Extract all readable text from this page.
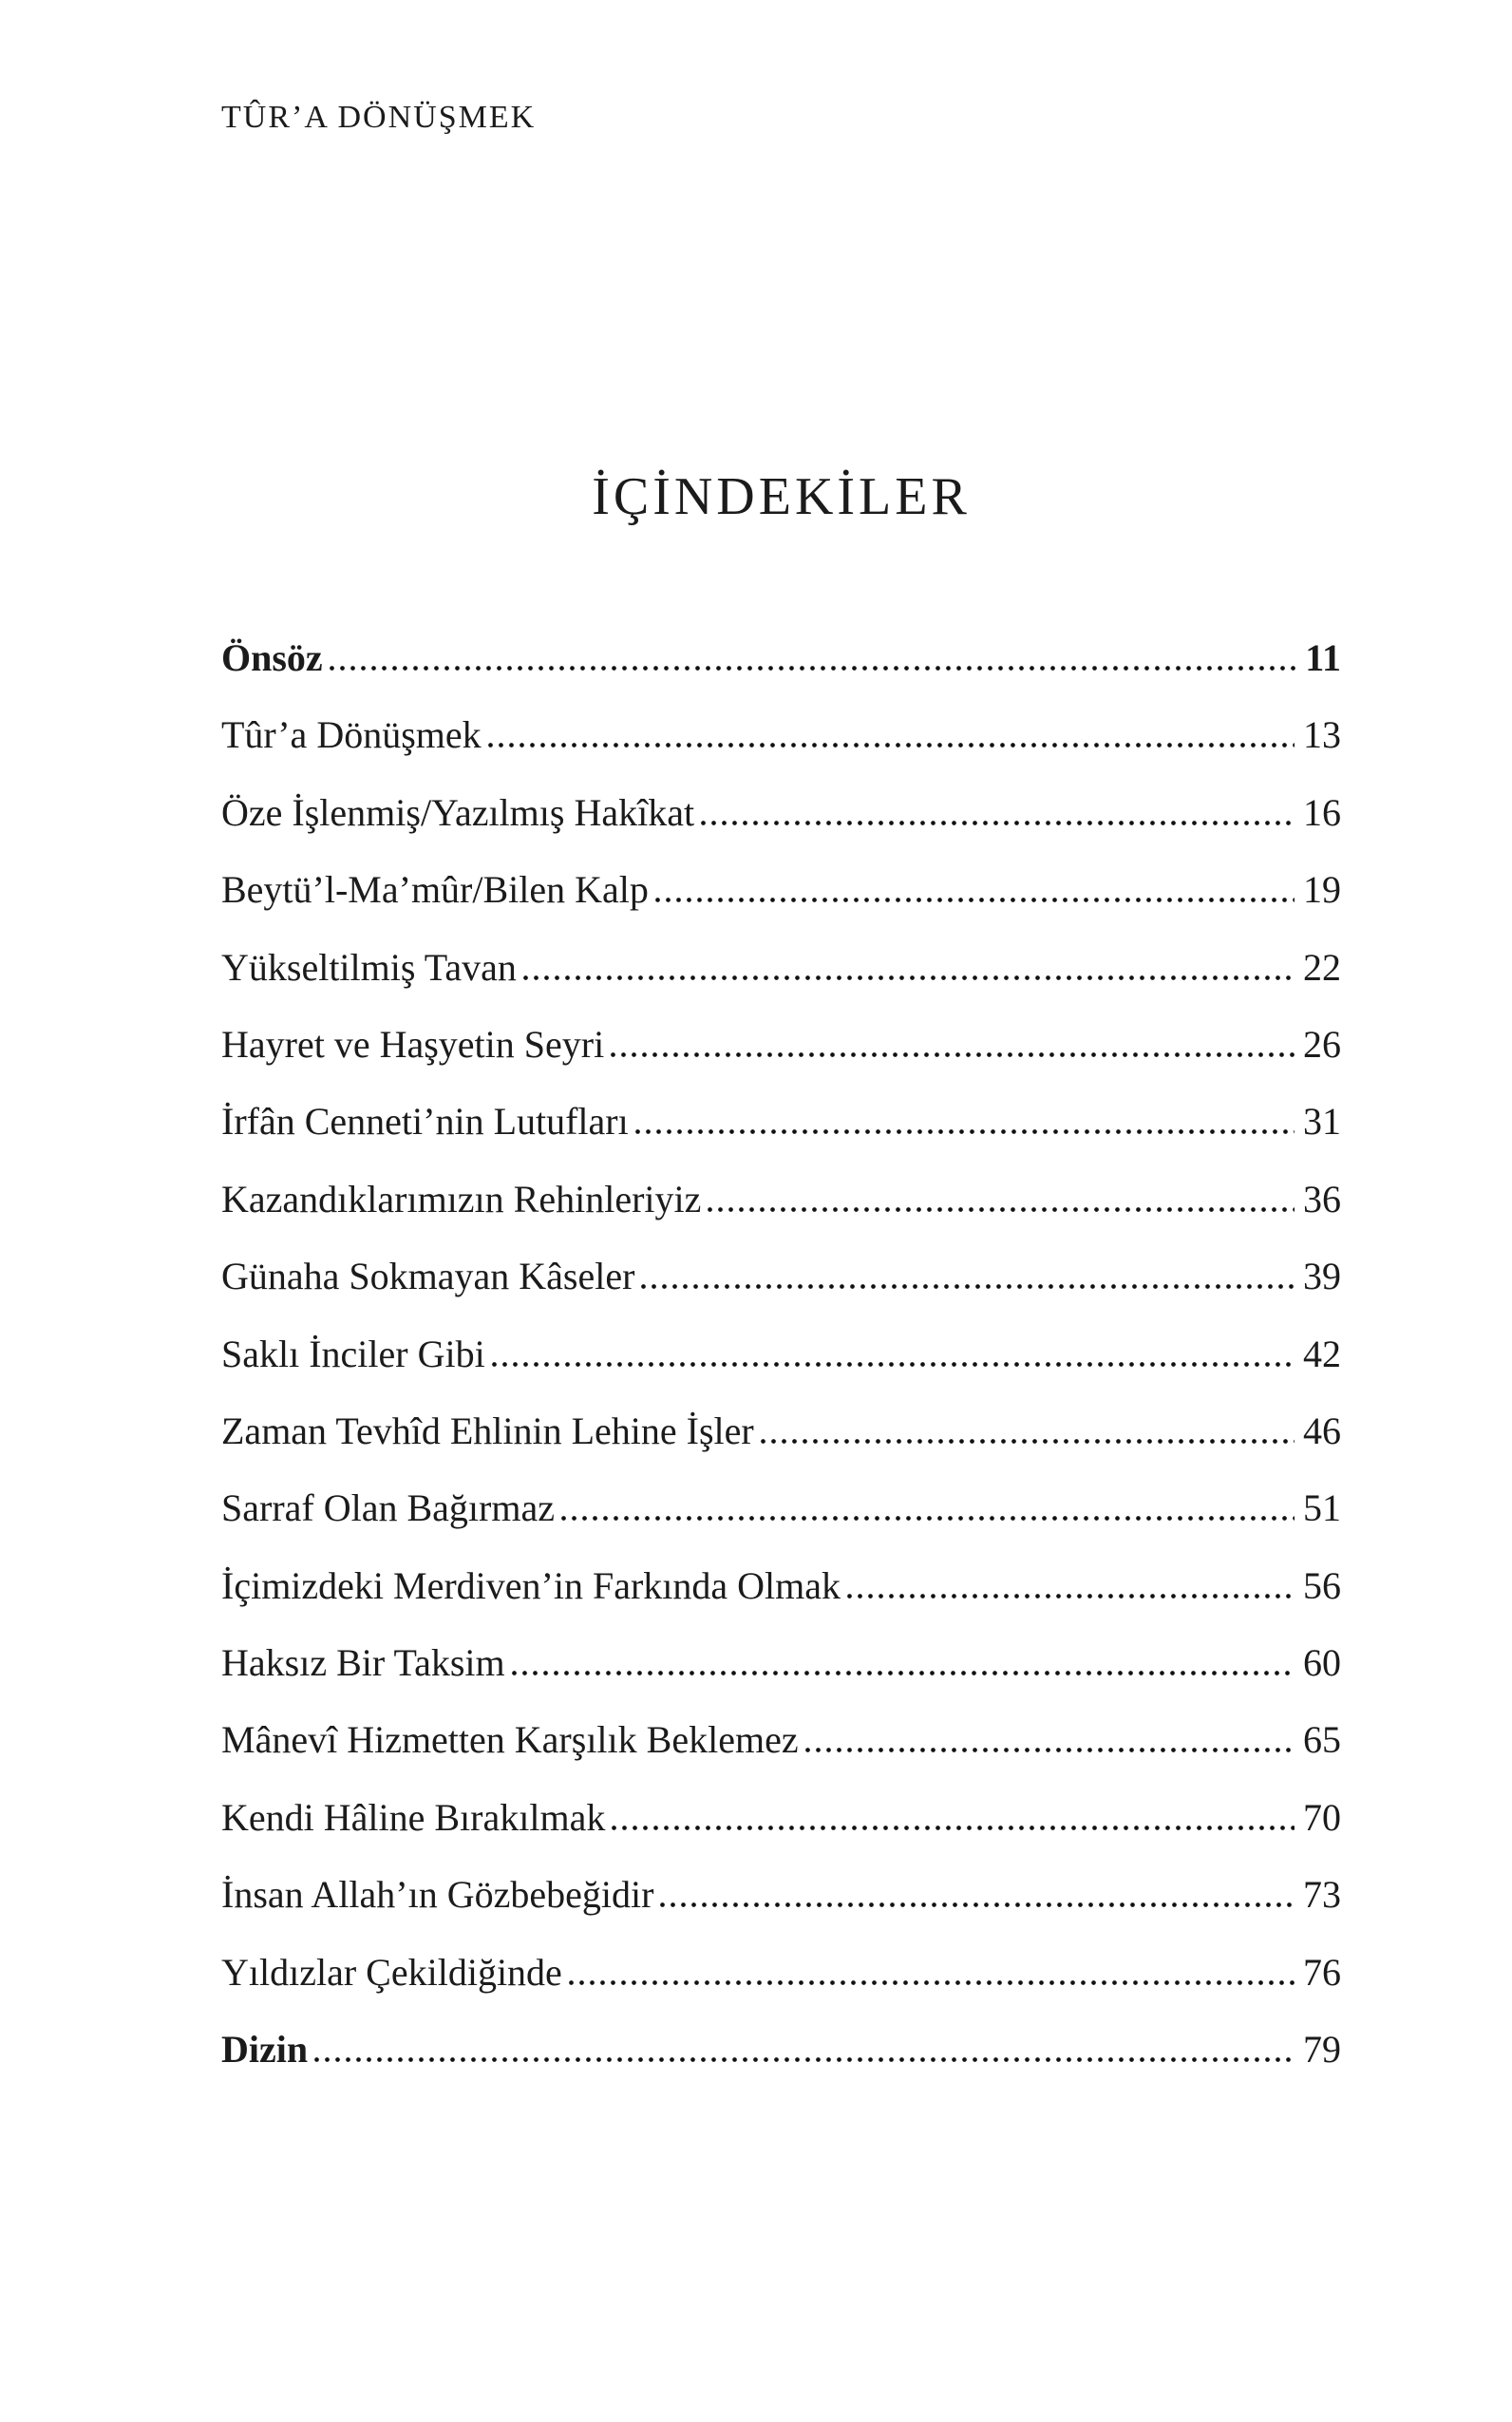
TÛR’A DÖNÜŞMEK
İÇİNDEKİLER
Önsöz	11
Tûr’a Dönüşmek	13
Öze İşlenmiş/Yazılmış Hakîkat	16
Beytü’l-Ma’mûr/Bilen Kalp	19
Yükseltilmiş Tavan	22
Hayret ve Haşyetin Seyri	26
İrfân Cenneti’nin Lutufları	31
Kazandıklarımızın Rehinleriyiz	36
Günaha Sokmayan Kâseler	39
Saklı İnciler Gibi	42
Zaman Tevhîd Ehlinin Lehine İşler	46
Sarraf Olan Bağırmaz	51
İçimizdeki Merdiven’in Farkında Olmak	56
Haksız Bir Taksim	60
Mânevî Hizmetten Karşılık Beklemez	65
Kendi Hâline Bırakılmak	70
İnsan Allah’ın Gözbebeğidir	73
Yıldızlar Çekildiğinde	76
Dizin	79
